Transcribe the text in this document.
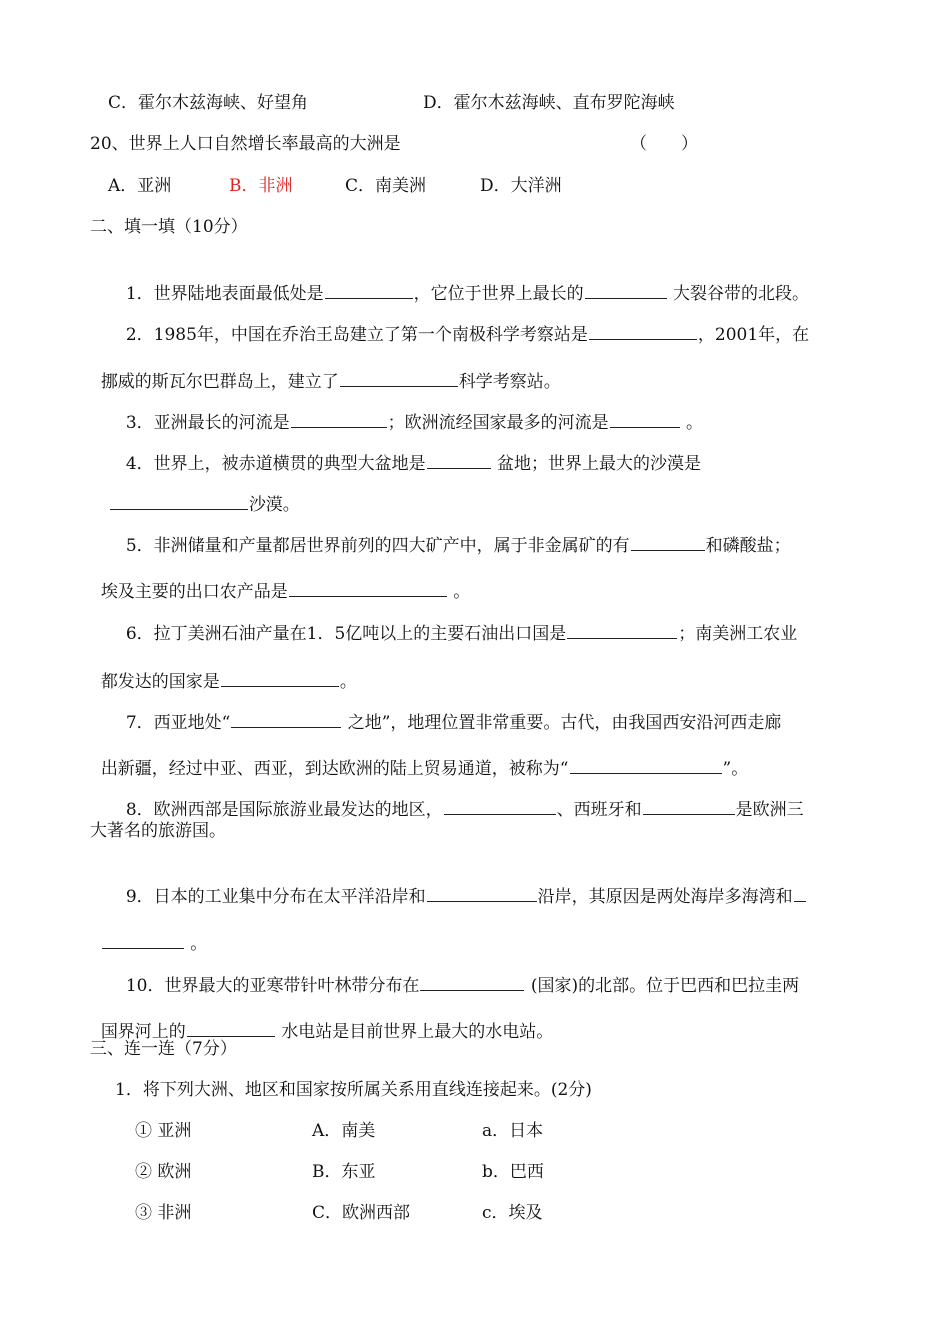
C．霍尔木兹海峡、好望角	D．霍尔木兹海峡、直布罗陀海峡
20、世界上人口自然增长率最高的大洲是	（　　）
A．亚洲	B．非洲	C．南美洲	D．大洋洲
二、填一填（10分）

1．世界陆地表面最低处是	，它位于世界上最长的	大裂谷带的北段。

2．1985年，中国在乔治王岛建立了第一个南极科学考察站是	，2001年，在

挪威的斯瓦尔巴群岛上，建立了	科学考察站。

3．亚洲最长的河流是	；欧洲流经国家最多的河流是	。

4．世界上，被赤道横贯的典型大盆地是	盆地；世界上最大的沙漠是

沙漠。

5．非洲储量和产量都居世界前列的四大矿产中，属于非金属矿的有	和磷酸盐；

埃及主要的出口农产品是	。

6．拉丁美洲石油产量在1．5亿吨以上的主要石油出口国是	；南美洲工农业

都发达的国家是	。

7．西亚地处“	之地”，地理位置非常重要。古代，由我国西安沿河西走廊

出新疆，经过中亚、西亚，到达欧洲的陆上贸易通道，被称为“	”。

8．欧洲西部是国际旅游业最发达的地区，	、西班牙和	是欧洲三

大著名的旅游国。

9．日本的工业集中分布在太平洋沿岸和	沿岸，其原因是两处海岸多海湾和

。

10．世界最大的亚寒带针叶林带分布在	(国家)的北部。位于巴西和巴拉圭两

国界河上的	水电站是目前世界上最大的水电站。

三、连一连（7分）
1．将下列大洲、地区和国家按所属关系用直线连接起来。(2分)
① 亚洲	A．南美	a．日本
② 欧洲	B．东亚	b．巴西
③ 非洲	C．欧洲西部	c．埃及
